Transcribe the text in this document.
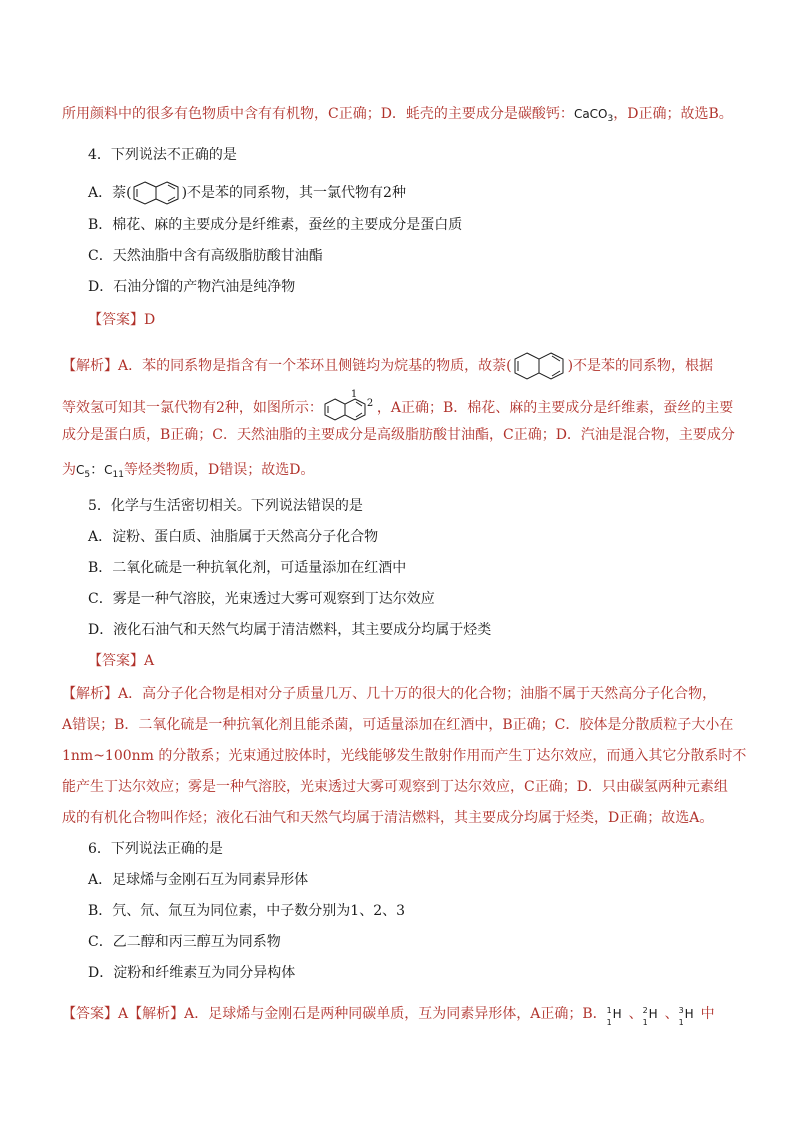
所用颜料中的很多有色物质中含有有机物，C正确；D．蚝壳的主要成分是碳酸钙：CaCO$_3$，D正确；故选B。
4．下列说法不正确的是
A．萘(	)不是苯的同系物，其一氯代物有2种
B．棉花、麻的主要成分是纤维素，蚕丝的主要成分是蛋白质
C．天然油脂中含有高级脂肪酸甘油酯
D．石油分馏的产物汽油是纯净物
【答案】D
【解析】A．苯的同系物是指含有一个苯环且侧链均为烷基的物质，故萘(	)不是苯的同系物，根据
等效氢可知其一氯代物有2种，如图所示：
1
2 ，A正确；B．棉花、麻的主要成分是纤维素，蚕丝的主要
成分是蛋白质，B正确；C．天然油脂的主要成分是高级脂肪酸甘油酯，C正确；D．汽油是混合物，主要成分
为$C_5$：$C_{11}$等烃类物质，D错误；故选D。
5．化学与生活密切相关。下列说法错误的是
A．淀粉、蛋白质、油脂属于天然高分子化合物
B．二氧化硫是一种抗氧化剂，可适量添加在红酒中
C．雾是一种气溶胶，光束透过大雾可观察到丁达尔效应
D．液化石油气和天然气均属于清洁燃料，其主要成分均属于烃类
【答案】A
【解析】A．高分子化合物是相对分子质量几万、几十万的很大的化合物；油脂不属于天然高分子化合物，
A错误；B．二氧化硫是一种抗氧化剂且能杀菌，可适量添加在红酒中，B正确；C．胶体是分散质粒子大小在
1nm~100nm 的分散系；光束通过胶体时，光线能够发生散射作用而产生丁达尔效应，而通入其它分散系时不
能产生丁达尔效应；雾是一种气溶胶，光束透过大雾可观察到丁达尔效应，C正确；D．只由碳氢两种元素组
成的有机化合物叫作烃；液化石油气和天然气均属于清洁燃料，其主要成分均属于烃类，D正确；故选A。
6．下列说法正确的是
A．足球烯与金刚石互为同素异形体
B．氕、氘、氚互为同位素，中子数分别为1、2、3
C．乙二醇和丙三醇互为同系物
D．淀粉和纤维素互为同分异构体
【答案】A【解析】A．足球烯与金刚石是两种同碳单质，互为同素异形体，A正确；B． 1
1
H 、 2
1
H 、 3
1
H 中
